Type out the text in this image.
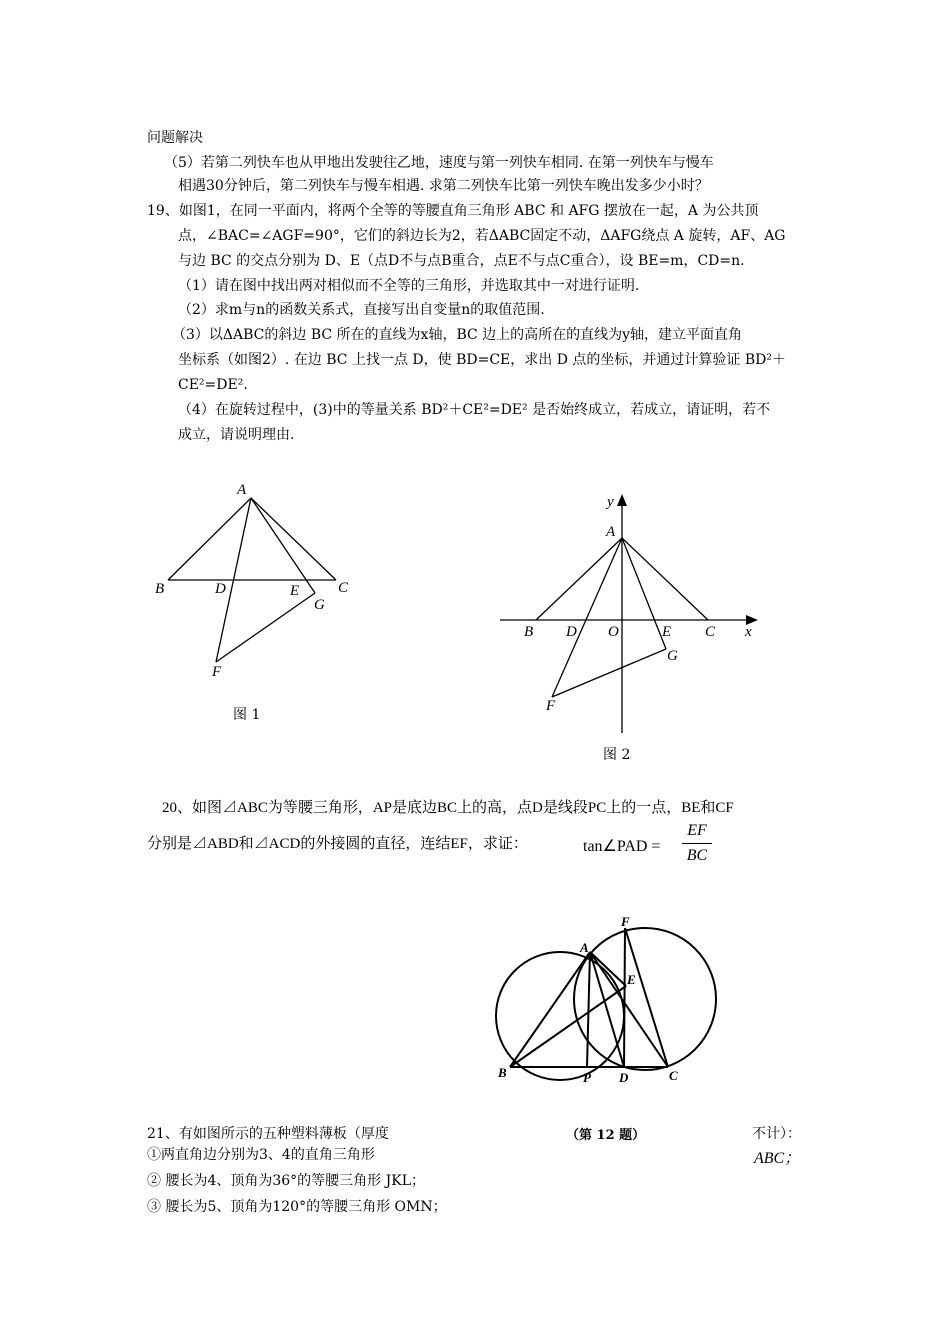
问题解决
（5）若第二列快车也从甲地出发驶往乙地，速度与第一列快车相同. 在第一列快车与慢车
相遇30分钟后，第二列快车与慢车相遇. 求第二列快车比第一列快车晚出发多少小时？
19、如图1，在同一平面内，将两个全等的等腰直角三角形 ABC 和 AFG 摆放在一起，A 为公共顶
点，∠BAC=∠AGF=90°，它们的斜边长为2，若ΔABC固定不动，ΔAFG绕点 A 旋转，AF、AG
与边 BC 的交点分别为 D、E（点D不与点B重合，点E不与点C重合），设 BE=m，CD=n.
（1）请在图中找出两对相似而不全等的三角形，并选取其中一对进行证明.
（2）求m与n的函数关系式，直接写出自变量n的取值范围.
（3）以ΔABC的斜边 BC 所在的直线为x轴，BC 边上的高所在的直线为y轴，建立平面直角
坐标系（如图2）. 在边 BC 上找一点 D，使 BD=CE，求出 D 点的坐标，并通过计算验证 BD²＋
CE²=DE².
（4）在旋转过程中，(3)中的等量关系 BD²＋CE²=DE² 是否始终成立，若成立，请证明，若不
成立，请说明理由.
A
B	D	E	C
G
F
图 1
y
A
B D O	E C x
G
F
图 2
20、如图⊿ABC为等腰三角形，AP是底边BC上的高，点D是线段PC上的一点，BE和CF
分别是⊿ABD和⊿ACD的外接圆的直径，连结EF，求证：	tan∠PAD =
EF
BC
A
F
E
B	P D	C
（第 12 题）
21、有如图所示的五种塑料薄板（厚度	不计）：
①两直角边分别为3、4的直角三角形	ABC；
② 腰长为4、顶角为36°的等腰三角形 JKL；
③ 腰长为5、顶角为120°的等腰三角形 OMN；
